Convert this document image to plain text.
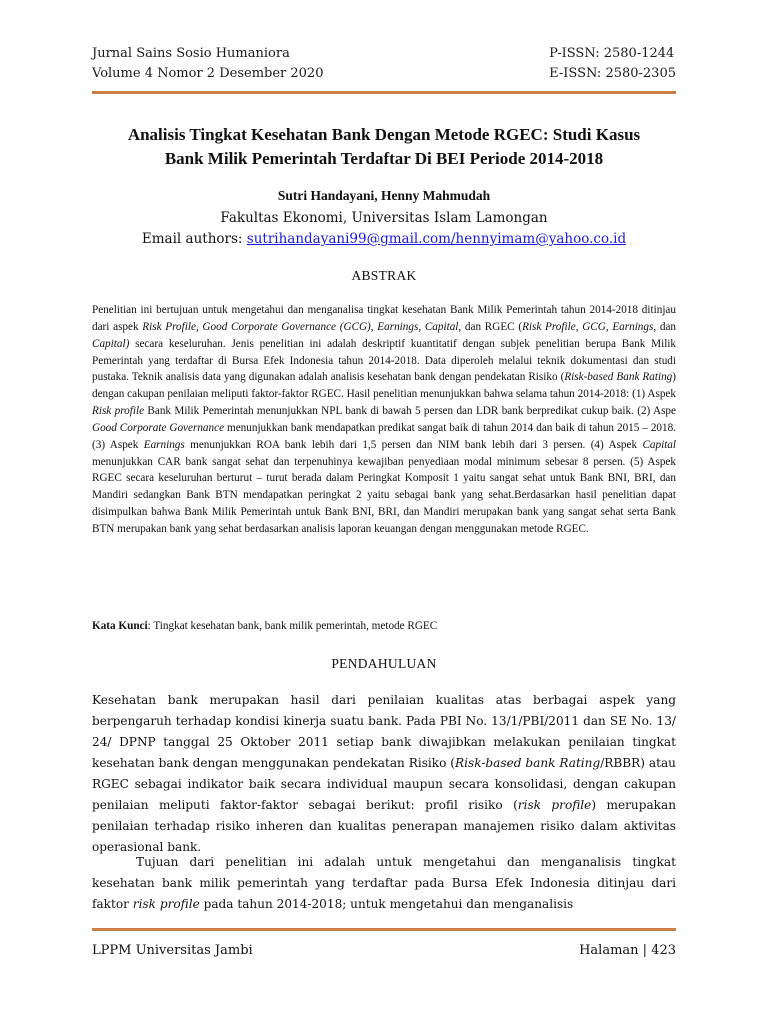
Jurnal Sains Sosio Humaniora
Volume 4 Nomor 2 Desember 2020
P-ISSN: 2580-1244
E-ISSN: 2580-2305
Analisis Tingkat Kesehatan Bank Dengan Metode RGEC: Studi Kasus
Bank Milik Pemerintah Terdaftar Di BEI Periode 2014-2018
Sutri Handayani, Henny Mahmudah
Fakultas Ekonomi, Universitas Islam Lamongan
Email authors: sutrihandayani99@gmail.com/hennyimam@yahoo.co.id
ABSTRAK
Penelitian ini bertujuan untuk mengetahui dan menganalisa tingkat kesehatan Bank Milik Pemerintah tahun 2014-2018 ditinjau dari aspek Risk Profile, Good Corporate Governance (GCG), Earnings, Capital, dan RGEC (Risk Profile, GCG, Earnings, dan Capital) secara keseluruhan. Jenis penelitian ini adalah deskriptif kuantitatif dengan subjek penelitian berupa Bank Milik Pemerintah yang terdaftar di Bursa Efek Indonesia tahun 2014-2018. Data diperoleh melalui teknik dokumentasi dan studi pustaka. Teknik analisis data yang digunakan adalah analisis kesehatan bank dengan pendekatan Risiko (Risk-based Bank Rating) dengan cakupan penilaian meliputi faktor-faktor RGEC. Hasil penelitian menunjukkan bahwa selama tahun 2014-2018: (1) Aspek Risk profile Bank Milik Pemerintah menunjukkan NPL bank di bawah 5 persen dan LDR bank berpredikat cukup baik. (2) Aspe Good Corporate Governance menunjukkan bank mendapatkan predikat sangat baik di tahun 2014 dan baik di tahun 2015 – 2018. (3) Aspek Earnings menunjukkan ROA bank lebih dari 1,5 persen dan NIM bank lebih dari 3 persen. (4) Aspek Capital menunjukkan CAR bank sangat sehat dan terpenuhinya kewajiban penyediaan modal minimum sebesar 8 persen. (5) Aspek RGEC secara keseluruhan berturut – turut berada dalam Peringkat Komposit 1 yaitu sangat sehat untuk Bank BNI, BRI, dan Mandiri sedangkan Bank BTN mendapatkan peringkat 2 yaitu sebagai bank yang sehat.Berdasarkan hasil penelitian dapat disimpulkan bahwa Bank Milik Pemerintah untuk Bank BNI, BRI, dan Mandiri merupakan bank yang sangat sehat serta Bank BTN merupakan bank yang sehat berdasarkan analisis laporan keuangan dengan menggunakan metode RGEC.
Kata Kunci: Tingkat kesehatan bank, bank milik pemerintah, metode RGEC
PENDAHULUAN
Kesehatan bank merupakan hasil dari penilaian kualitas atas berbagai aspek yang berpengaruh terhadap kondisi kinerja suatu bank. Pada PBI No. 13/1/PBI/2011 dan SE No. 13/ 24/ DPNP tanggal 25 Oktober 2011 setiap bank diwajibkan melakukan penilaian tingkat kesehatan bank dengan menggunakan pendekatan Risiko (Risk-based bank Rating/RBBR) atau RGEC sebagai indikator baik secara individual maupun secara konsolidasi, dengan cakupan penilaian meliputi faktor-faktor sebagai berikut: profil risiko (risk profile) merupakan penilaian terhadap risiko inheren dan kualitas penerapan manajemen risiko dalam aktivitas operasional bank.
Tujuan dari penelitian ini adalah untuk mengetahui dan menganalisis tingkat kesehatan bank milik pemerintah yang terdaftar pada Bursa Efek Indonesia ditinjau dari faktor risk profile pada tahun 2014-2018; untuk mengetahui dan menganalisis
LPPM Universitas Jambi	Halaman | 423
